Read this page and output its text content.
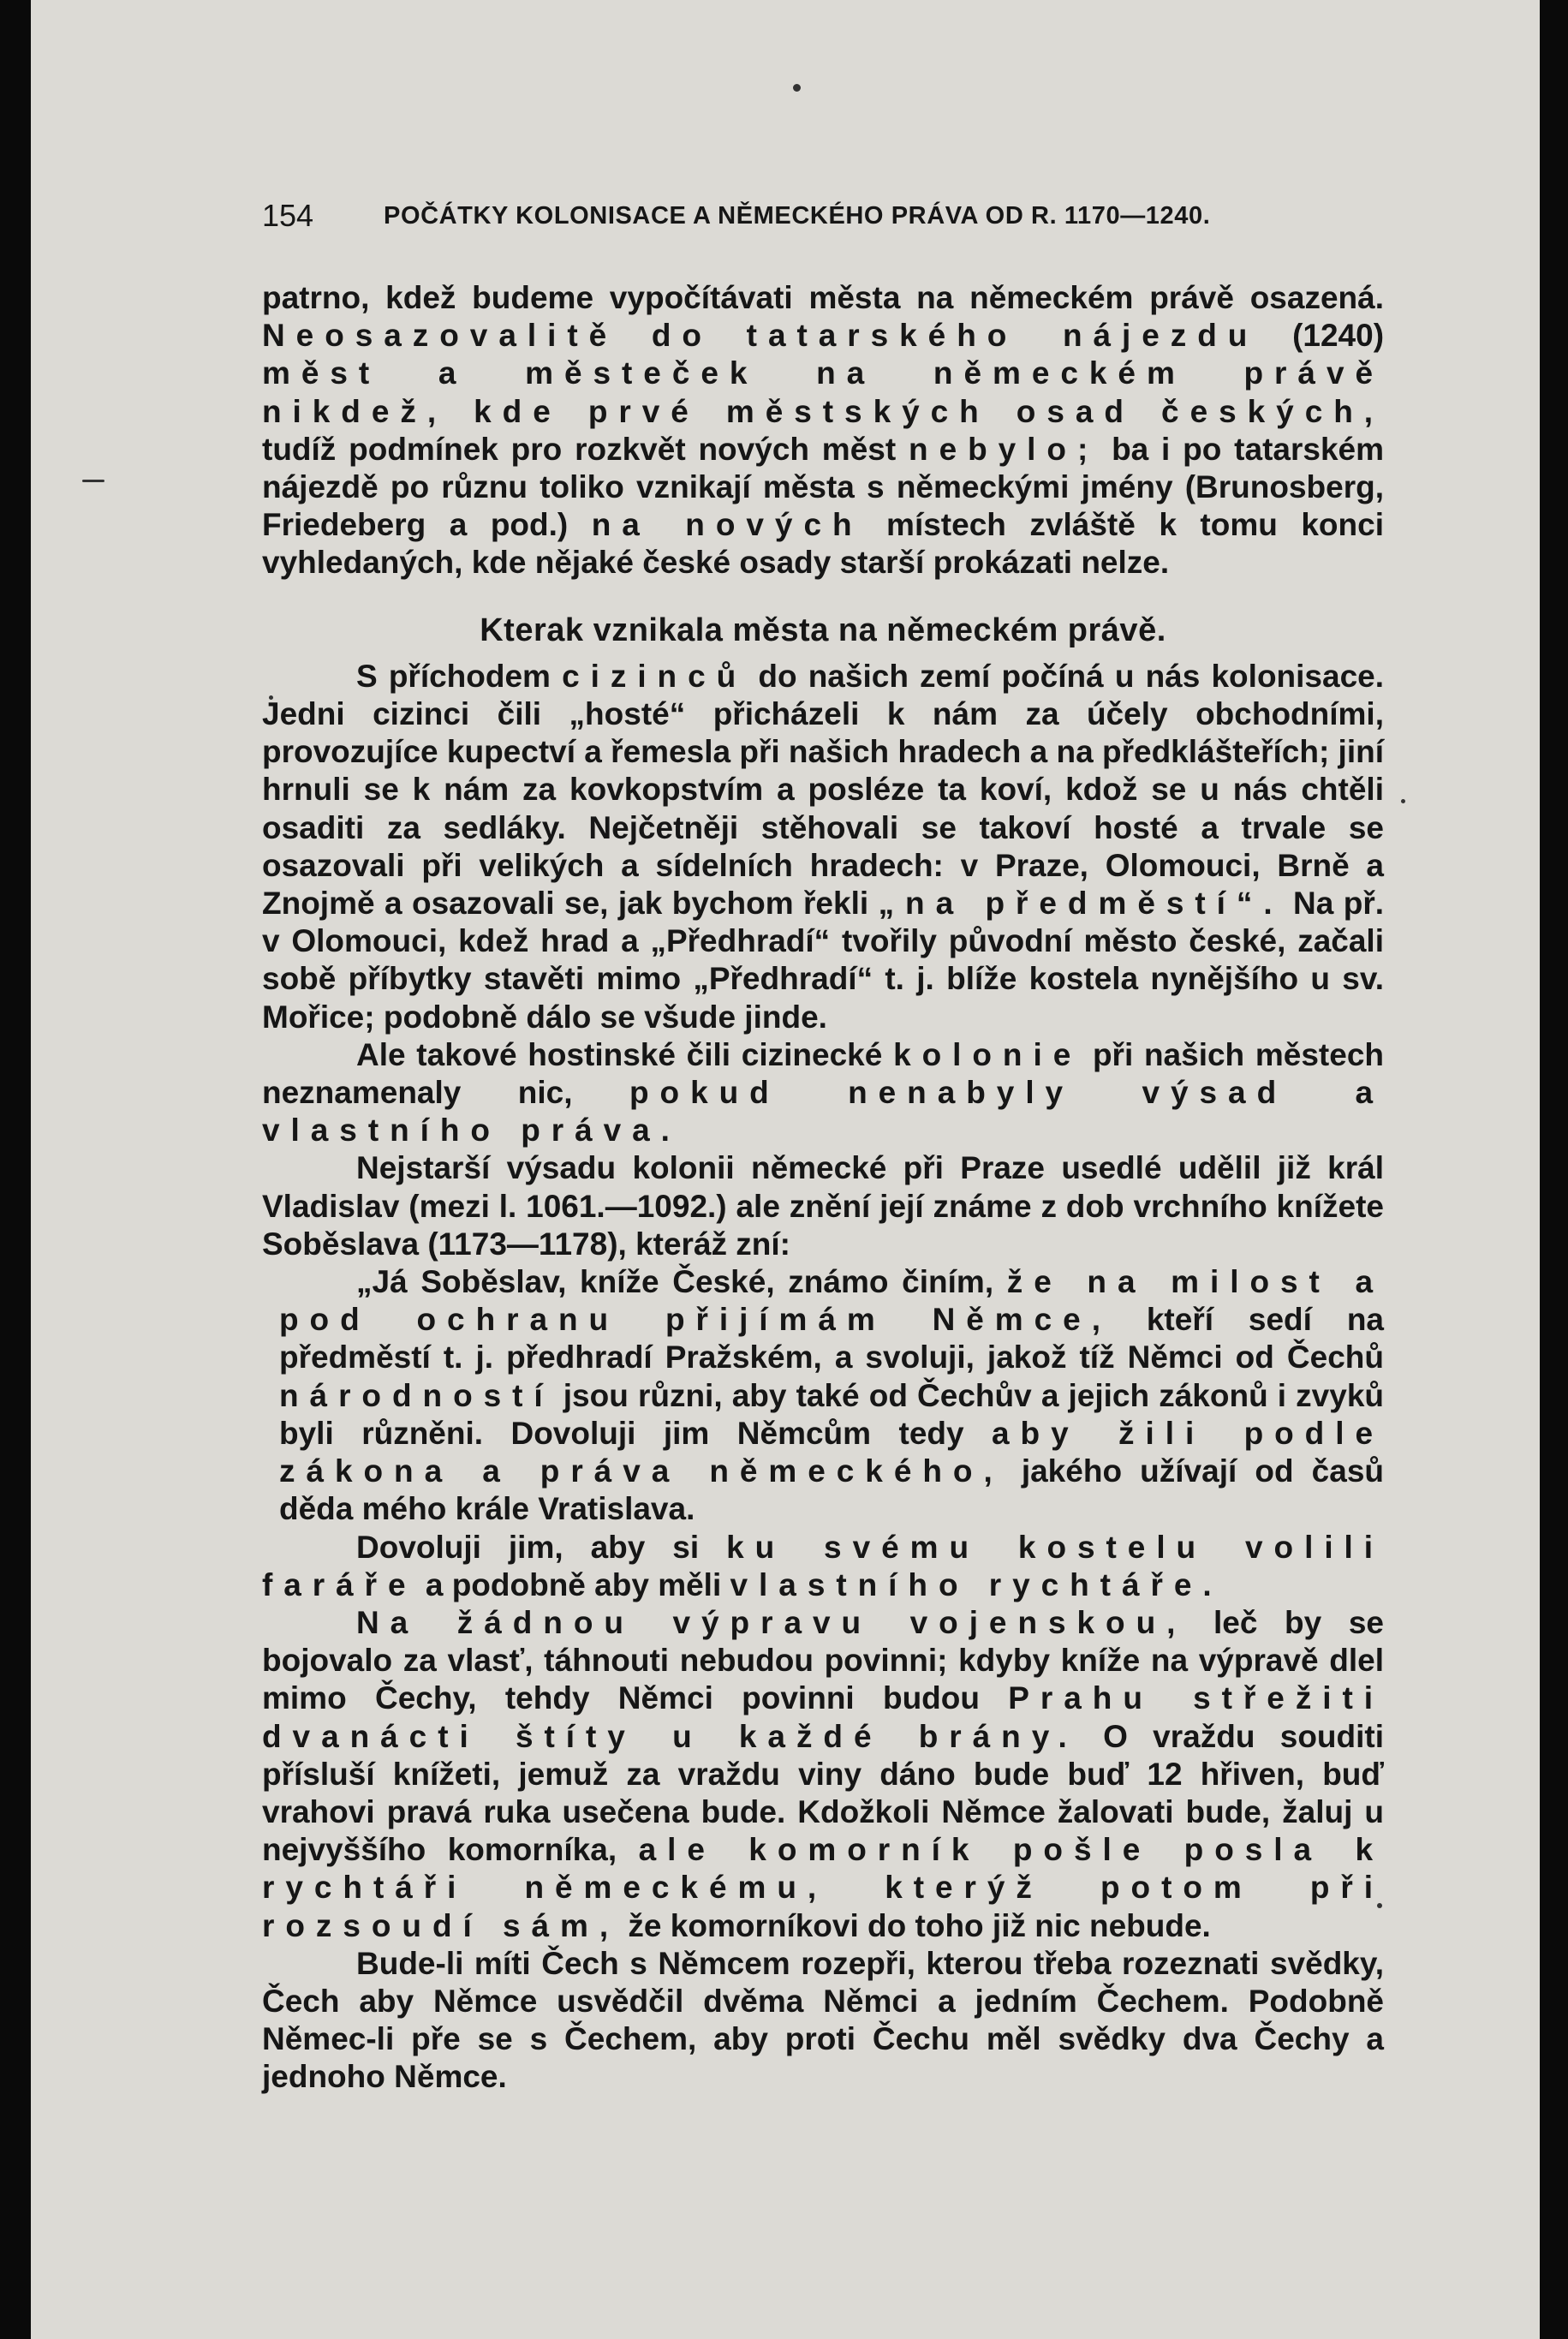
154	POČÁTKY KOLONISACE A NĚMECKÉHO PRÁVA OD R. 1170—1240.

patrno, kdež budeme vypočítávati města na německém právě osazená. Neosazovalitě do tatarského nájezdu (1240) měst a městeček na německém právě nikdež, kde prvé městských osad českých, tudíž podmínek pro rozkvět nových měst nebylo; ba i po tatarském nájezdě po různu toliko vznikají města s německými jmény (Brunosberg, Friedeberg a pod.) na nových místech zvláště k tomu konci vyhledaných, kde nějaké české osady starší prokázati nelze.

Kterak vznikala města na německém právě.

S příchodem cizinců do našich zemí počíná u nás kolonisace. Jedni cizinci čili „hosté“ přicházeli k nám za účely obchodními, provozujíce kupectví a řemesla při našich hradech a na předklášteřích; jiní hrnuli se k nám za kovkopstvím a posléze ta koví, kdož se u nás chtěli osaditi za sedláky. Nejčetněji stěhovali se takoví hosté a trvale se osazovali při velikých a sídelních hradech: v Praze, Olomouci, Brně a Znojmě a osazovali se, jak bychom řekli „na předměstí“. Na př. v Olomouci, kdež hrad a „Předhradí“ tvořily původní město české, začali sobě příbytky stavěti mimo „Předhradí“ t. j. blíže kostela nynějšího u sv. Mořice; podobně dálo se všude jinde.

Ale takové hostinské čili cizinecké kolonie při našich městech neznamenaly nic, pokud nenabyly výsad a vlastního práva.

Nejstarší výsadu kolonii německé při Praze usedlé udělil již král Vladislav (mezi l. 1061.—1092.) ale znění její známe z dob vrchního knížete Soběslava (1173—1178), kteráž zní:

„Já Soběslav, kníže České, známo činím, že na milost a pod ochranu přijímám Němce, kteří sedí na předměstí t. j. předhradí Pražském, a svoluji, jakož tíž Němci od Čechů národností jsou různi, aby také od Čechův a jejich zákonů i zvyků byli různěni. Dovoluji jim Němcům tedy aby žili podle zákona a práva německého, jakého užívají od časů děda mého krále Vratislava.

Dovoluji jim, aby si ku svému kostelu volili faráře a podobně aby měli vlastního rychtáře.

Na žádnou výpravu vojenskou, leč by se bojovalo za vlasť, táhnouti nebudou povinni; kdyby kníže na výpravě dlel mimo Čechy, tehdy Němci povinni budou Prahu střežiti dvanácti štíty u každé brány. O vraždu souditi přísluší knížeti, jemuž za vraždu viny dáno bude buď 12 hřiven, buď vrahovi pravá ruka usečena bude. Kdožkoli Němce žalovati bude, žaluj u nejvyššího komorníka, ale komorník pošle posla k rychtáři německému, kterýž potom při rozsoudí sám, že komorníkovi do toho již nic nebude.

Bude-li míti Čech s Němcem rozepři, kterou třeba rozeznati svědky, Čech aby Němce usvědčil dvěma Němci a jedním Čechem. Podobně Němec-li pře se s Čechem, aby proti Čechu měl svědky dva Čechy a jednoho Němce.
